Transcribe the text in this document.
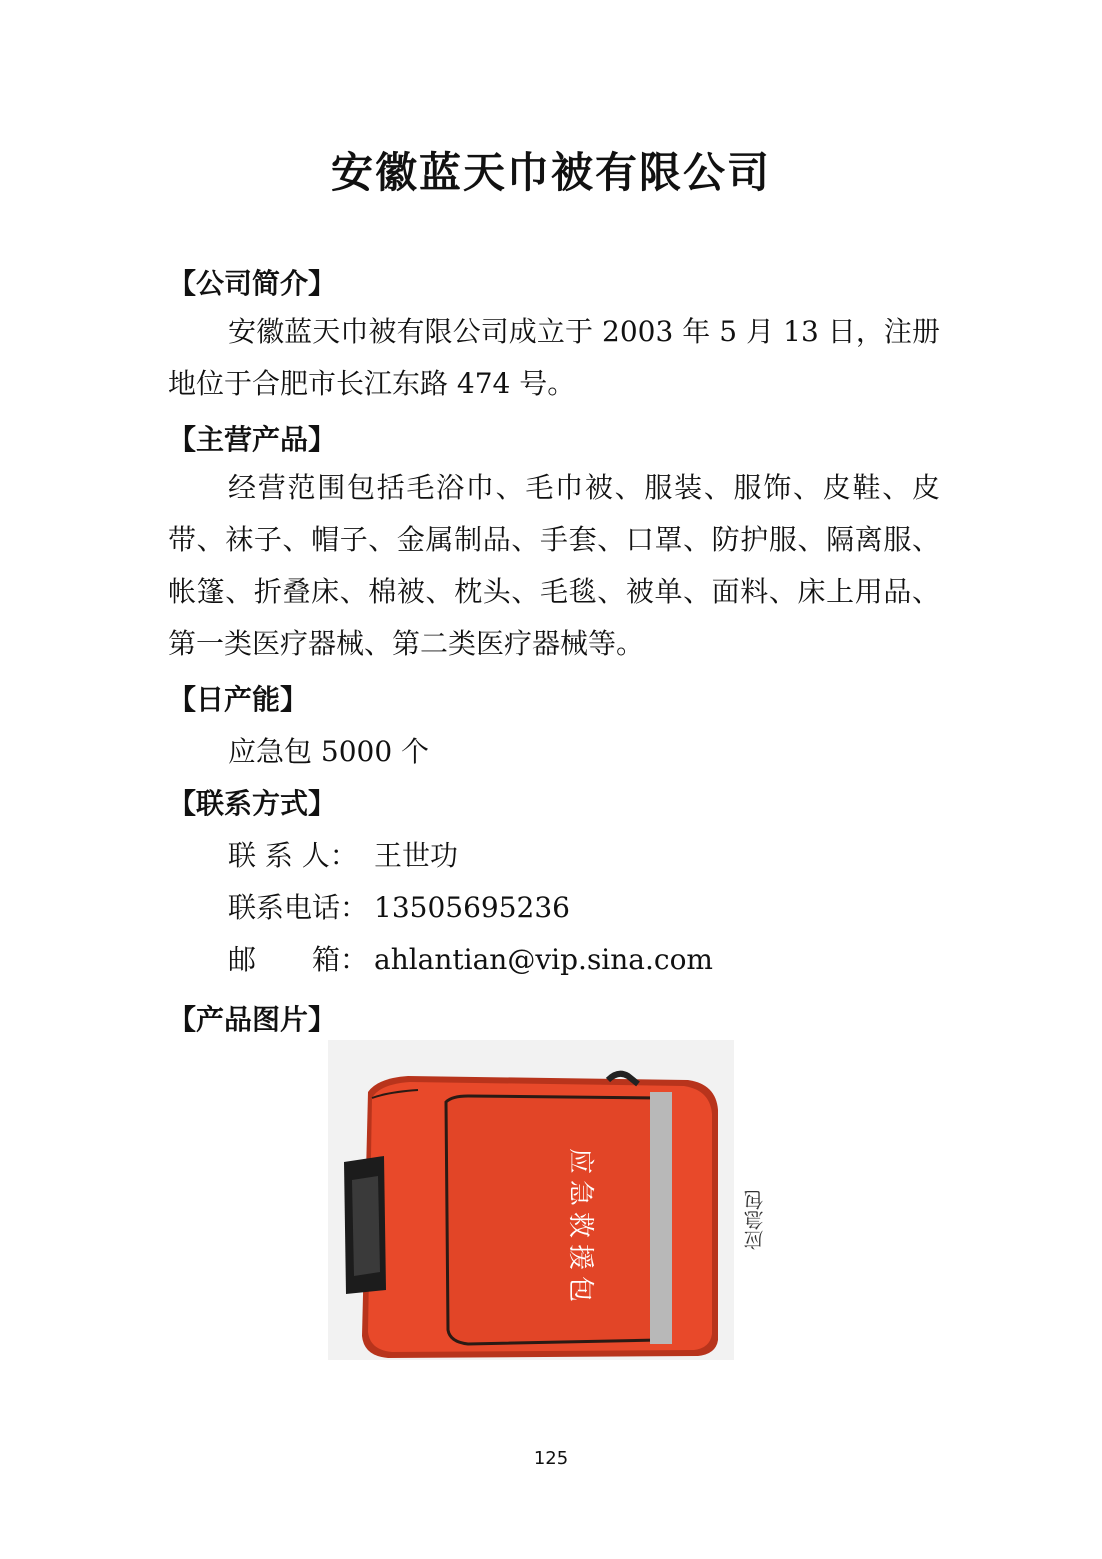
安徽蓝天巾被有限公司
【公司简介】

安徽蓝天巾被有限公司成立于 2003 年 5 月 13 日，注册地位于合肥市长江东路 474 号。

【主营产品】

经营范围包括毛浴巾、毛巾被、服装、服饰、皮鞋、皮带、袜子、帽子、金属制品、手套、口罩、防护服、隔离服、帐篷、折叠床、棉被、枕头、毛毯、被单、面料、床上用品、第一类医疗器械、第二类医疗器械等。

【日产能】
应急包 5000 个
【联系方式】
联 系 人： 王世功
联系电话： 13505695236
邮　　箱： ahlantian@vip.sina.com
【产品图片】
应急救援包	应急包
125
